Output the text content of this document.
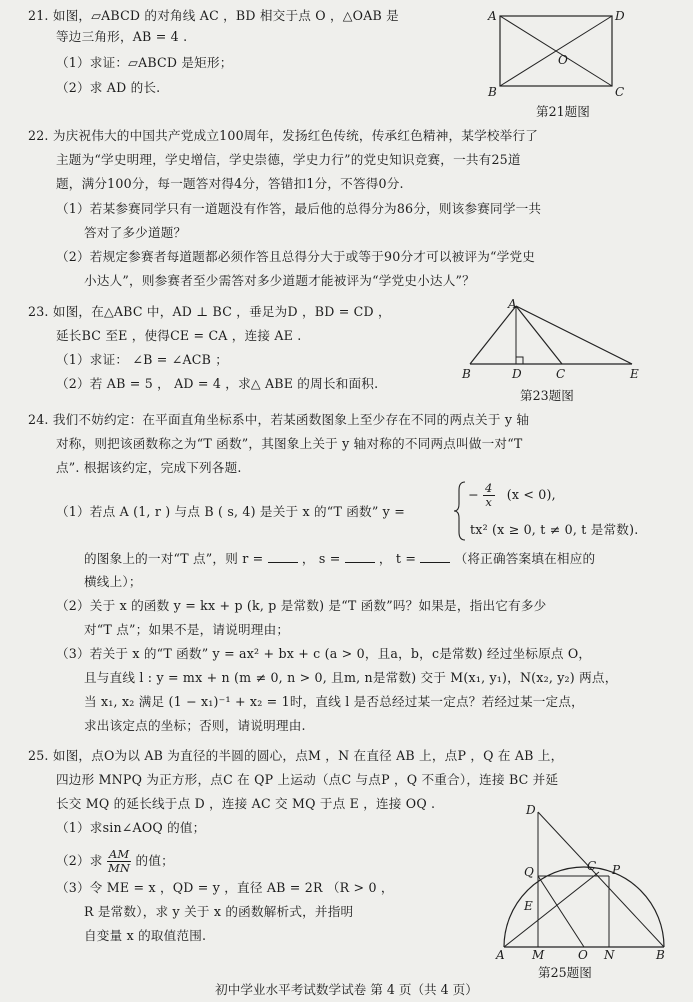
21. 如图，▱ABCD 的对角线 AC ，BD 相交于点 O ，△OAB 是
等边三角形，AB = 4 .
（1）求证：▱ABCD 是矩形；
（2）求 AD 的长.
A	D
O
B	C
第21题图
22. 为庆祝伟大的中国共产党成立100周年，发扬红色传统，传承红色精神，某学校举行了
主题为“学史明理，学史增信，学史崇德，学史力行”的党史知识竞赛，一共有25道
题，满分100分，每一题答对得4分，答错扣1分，不答得0分.
（1）若某参赛同学只有一道题没有作答，最后他的总得分为86分，则该参赛同学一共
答对了多少道题？
（2）若规定参赛者每道题都必须作答且总得分大于或等于90分才可以被评为“学党史
小达人”，则参赛者至少需答对多少道题才能被评为“学党史小达人”？
23. 如图，在△ABC 中，AD ⊥ BC ，垂足为D ，BD = CD ，
延长BC 至E ，使得CE = CA ，连接 AE .
（1）求证： ∠B = ∠ACB ；
（2）若 AB = 5 ， AD = 4 ，求△ ABE 的周长和面积.
A
B	D	C	E
第23题图
24. 我们不妨约定：在平面直角坐标系中，若某函数图象上至少存在不同的两点关于 y 轴
对称，则把该函数称之为“T 函数”，其图象上关于 y 轴对称的不同两点叫做一对“T
点”. 根据该约定，完成下列各题.
（1）若点 A (1, r ) 与点 B ( s, 4) 是关于 x 的“T 函数” y =
− $\frac{4}{x} (x < 0)$,
tx² (x ≥ 0, t ≠ 0, t 是常数).
的图象上的一对“T 点”，则 r =	， s =	， t =	（将正确答案填在相应的
横线上）；
（2）关于 x 的函数 y = kx + p (k, p 是常数) 是“T 函数”吗？如果是，指出它有多少
对“T 点”；如果不是，请说明理由；
（3）若关于 x 的“T 函数” y = ax² + bx + c (a > 0，且a，b，c是常数) 经过坐标原点 O，
且与直线 l : y = mx + n (m ≠ 0, n > 0, 且m, n是常数) 交于 M(x₁, y₁)，N(x₂, y₂) 两点，
当 x₁, x₂ 满足 (1 − x₁)⁻¹ + x₂ = 1时，直线 l 是否总经过某一定点？若经过某一定点，
求出该定点的坐标；否则，请说明理由.
25. 如图，点O为以 AB 为直径的半圆的圆心，点M ，N 在直径 AB 上，点P ，Q 在 AB 上，
四边形 MNPQ 为正方形，点C 在 QP 上运动（点C 与点P ，Q 不重合），连接 BC 并延
长交 MQ 的延长线于点 D ，连接 AC 交 MQ 于点 E ，连接 OQ .
（1）求sin∠AOQ 的值；
（2）求 $\frac{AM}{MN}$ 的值；
（3）令 ME = x ，QD = y ，直径 AB = 2R （R > 0 ，
R 是常数），求 y 关于 x 的函数解析式，并指明
自变量 x 的取值范围.
D
C P
Q
E
A M	O N	B
第25题图
初中学业水平考试数学试卷 第 4 页（共 4 页）
